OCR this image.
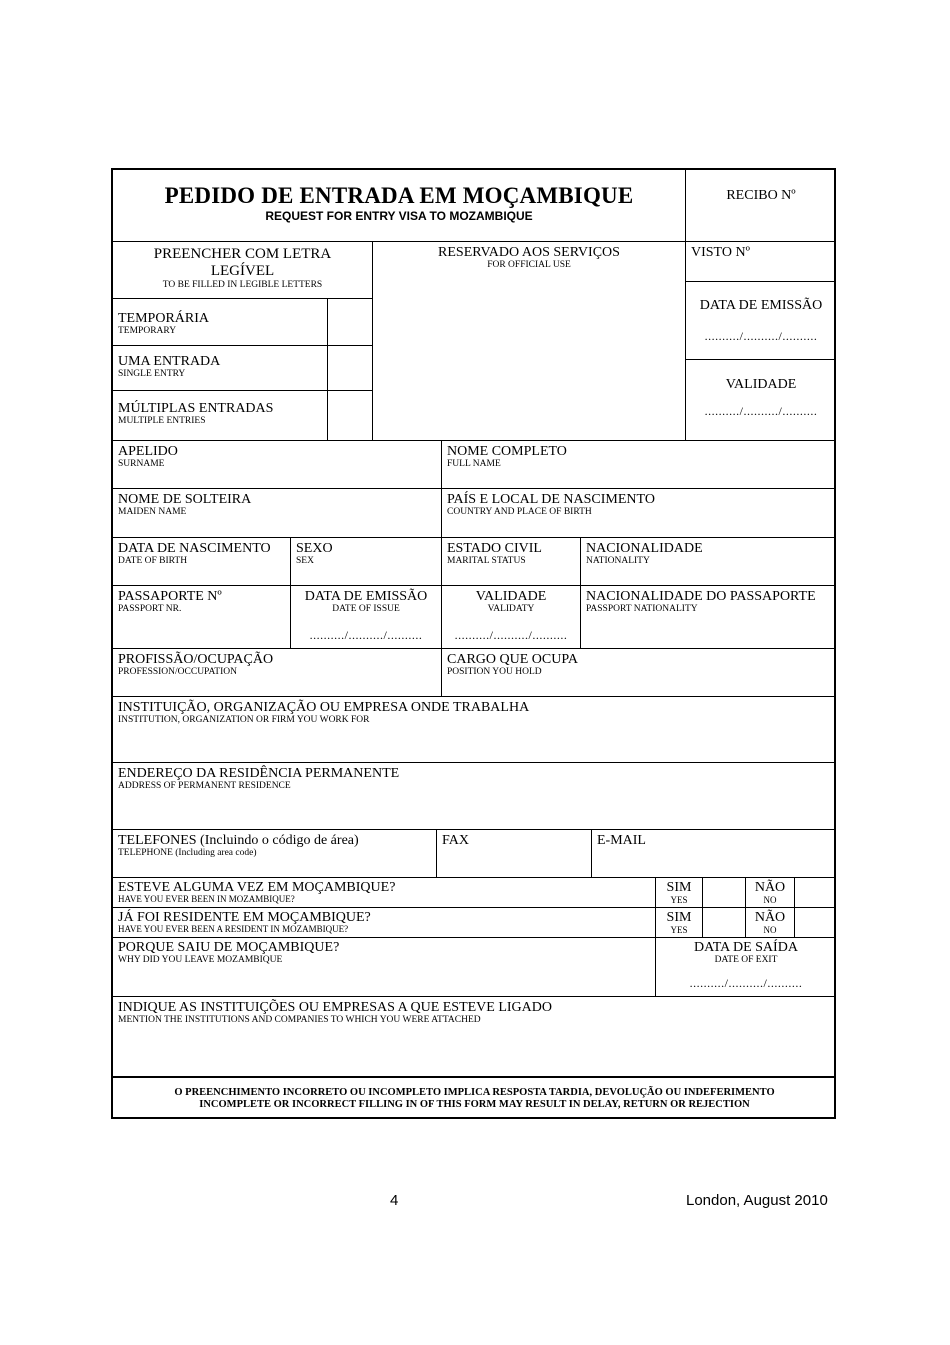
PEDIDO DE ENTRADA EM MOÇAMBIQUE
REQUEST FOR ENTRY VISA TO MOZAMBIQUE
RECIBO Nº
PREENCHER COM LETRA LEGÍVEL
TO BE FILLED IN LEGIBLE LETTERS
RESERVADO AOS SERVIÇOS
FOR OFFICIAL USE
VISTO Nº
DATA DE EMISSÃO
........../........../..........
VALIDADE
........../........../..........
TEMPORÁRIA
TEMPORARY
UMA ENTRADA
SINGLE ENTRY
MÚLTIPLAS ENTRADAS
MULTIPLE ENTRIES
APELIDO
SURNAME
NOME COMPLETO
FULL NAME
NOME DE SOLTEIRA
MAIDEN NAME
PAÍS E LOCAL DE NASCIMENTO
COUNTRY AND PLACE OF BIRTH
DATA DE NASCIMENTO
DATE OF BIRTH
SEXO
SEX
ESTADO CIVIL
MARITAL STATUS
NACIONALIDADE
NATIONALITY
PASSAPORTE Nº
PASSPORT NR.
DATA DE EMISSÃO
DATE OF ISSUE
........../........../..........
VALIDADE
VALIDATY
........../........../..........
NACIONALIDADE DO PASSAPORTE
PASSPORT NATIONALITY
PROFISSÃO/OCUPAÇÃO
PROFESSION/OCCUPATION
CARGO QUE OCUPA
POSITION YOU HOLD
INSTITUIÇÃO, ORGANIZAÇÃO OU EMPRESA ONDE TRABALHA
INSTITUTION, ORGANIZATION OR FIRM YOU WORK FOR
ENDEREÇO DA RESIDÊNCIA PERMANENTE
ADDRESS OF PERMANENT RESIDENCE
TELEFONES (Incluindo o código de área)
TELEPHONE (Including area code)
FAX	E-MAIL
ESTEVE ALGUMA VEZ EM MOÇAMBIQUE?
HAVE YOU EVER BEEN IN MOZAMBIQUE?
SIM
YES
NÃO
NO
JÁ FOI RESIDENTE EM MOÇAMBIQUE?
HAVE YOU EVER BEEN A RESIDENT IN MOZAMBIQUE?
SIM
YES
NÃO
NO
PORQUE SAIU DE MOÇAMBIQUE?
WHY DID YOU LEAVE MOZAMBIQUE
DATA DE SAÍDA
DATE OF EXIT
........../........../..........
INDIQUE AS INSTITUIÇÕES OU EMPRESAS A QUE ESTEVE LIGADO
MENTION THE INSTITUTIONS AND COMPANIES TO WHICH YOU WERE ATTACHED
O PREENCHIMENTO INCORRETO OU INCOMPLETO IMPLICA RESPOSTA TARDIA, DEVOLUÇÃO OU INDEFERIMENTO
INCOMPLETE OR INCORRECT FILLING IN OF THIS FORM MAY RESULT IN DELAY, RETURN OR REJECTION
4	London, August 2010
